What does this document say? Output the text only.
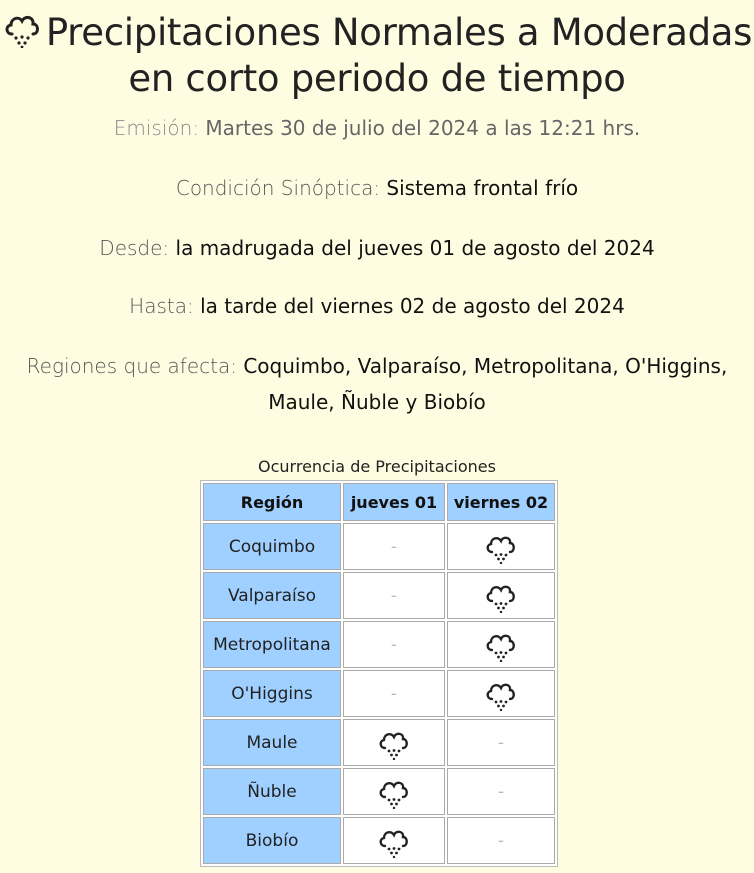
Precipitaciones Normales a Moderadas
en corto periodo de tiempo
Emisión: Martes 30 de julio del 2024 a las 12:21 hrs.
Condición Sinóptica: Sistema frontal frío
Desde: la madrugada del jueves 01 de agosto del 2024
Hasta: la tarde del viernes 02 de agosto del 2024
Regiones que afecta: Coquimbo, Valparaíso, Metropolitana, O'Higgins,
Maule, Ñuble y Biobío
Ocurrencia de Precipitaciones
Región	jueves 01	viernes 02
Coquimbo	-	
Valparaíso	-	
Metropolitana	-	
O'Higgins	-	
Maule		-
Ñuble		-
Biobío		-
